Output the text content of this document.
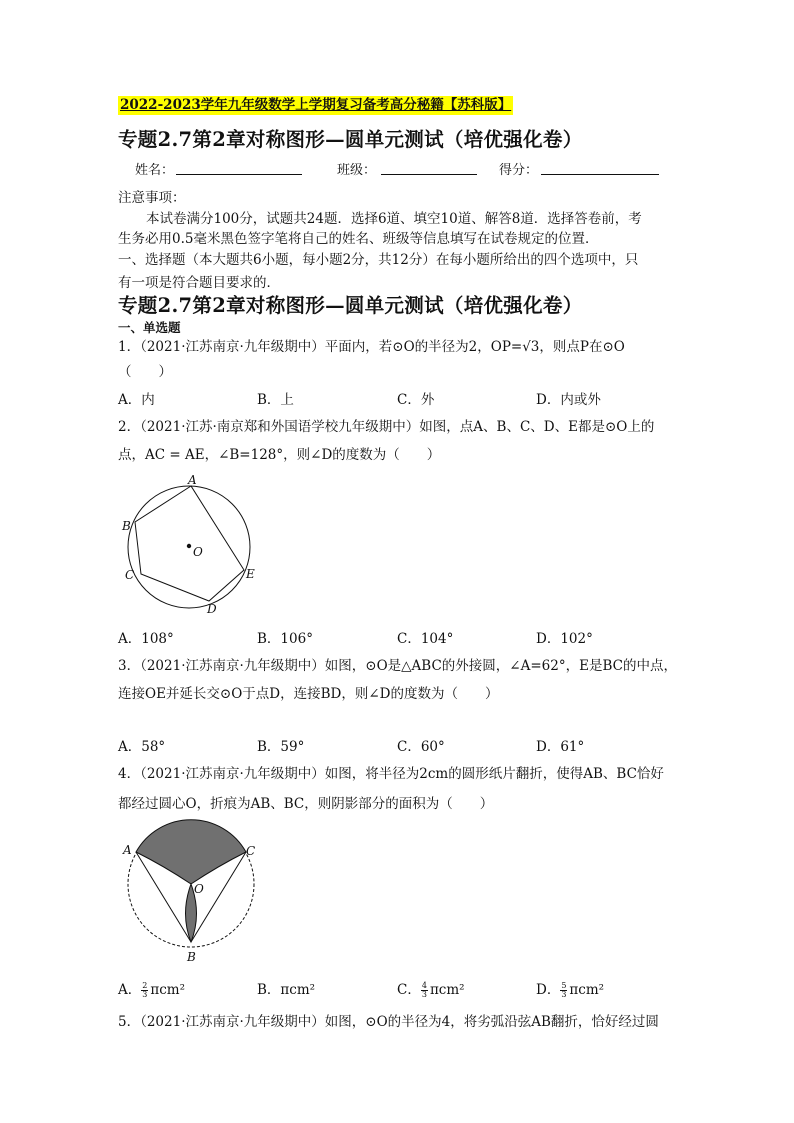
2022-2023学年九年级数学上学期复习备考高分秘籍【苏科版】
专题2.7第2章对称图形—圆单元测试（培优强化卷）
姓名：	班级：	得分：
注意事项：
本试卷满分100分，试题共24题．选择6道、填空10道、解答8道．选择答卷前，考
生务必用0.5毫米黑色签字笔将自己的姓名、班级等信息填写在试卷规定的位置．
一、选择题（本大题共6小题，每小题2分，共12分）在每小题所给出的四个选项中，只
有一项是符合题目要求的．
专题2.7第2章对称图形—圆单元测试（培优强化卷）
一、单选题
1．（2021·江苏南京·九年级期中）平面内，若⊙O的半径为2，OP=√3，则点P在⊙O
（　　）
A．内	B．上	C．外	D．内或外
2．（2021·江苏·南京郑和外国语学校九年级期中）如图，点A、B、C、D、E都是⊙O上的
点，AC = AE，∠B=128°，则∠D的度数为（　　）
A
B
C
D
E
O
A．108°	B．106°	C．104°	D．102°
3．（2021·江苏南京·九年级期中）如图，⊙O是△ABC的外接圆，∠A=62°，E是BC的中点，
连接OE并延长交⊙O于点D，连接BD，则∠D的度数为（　　）
A．58°	B．59°	C．60°	D．61°
4．（2021·江苏南京·九年级期中）如图，将半径为2cm的圆形纸片翻折，使得AB、BC恰好
都经过圆心O，折痕为AB、BC，则阴影部分的面积为（　　）
A	C
O
B
A． $\frac{2}{3} \pi cm^2$	B．πcm²	C． $\frac{4}{3} \pi cm^2$	D． $\frac{5}{3} \pi cm^2$
5．（2021·江苏南京·九年级期中）如图，⊙O的半径为4，将劣弧沿弦AB翻折，恰好经过圆
